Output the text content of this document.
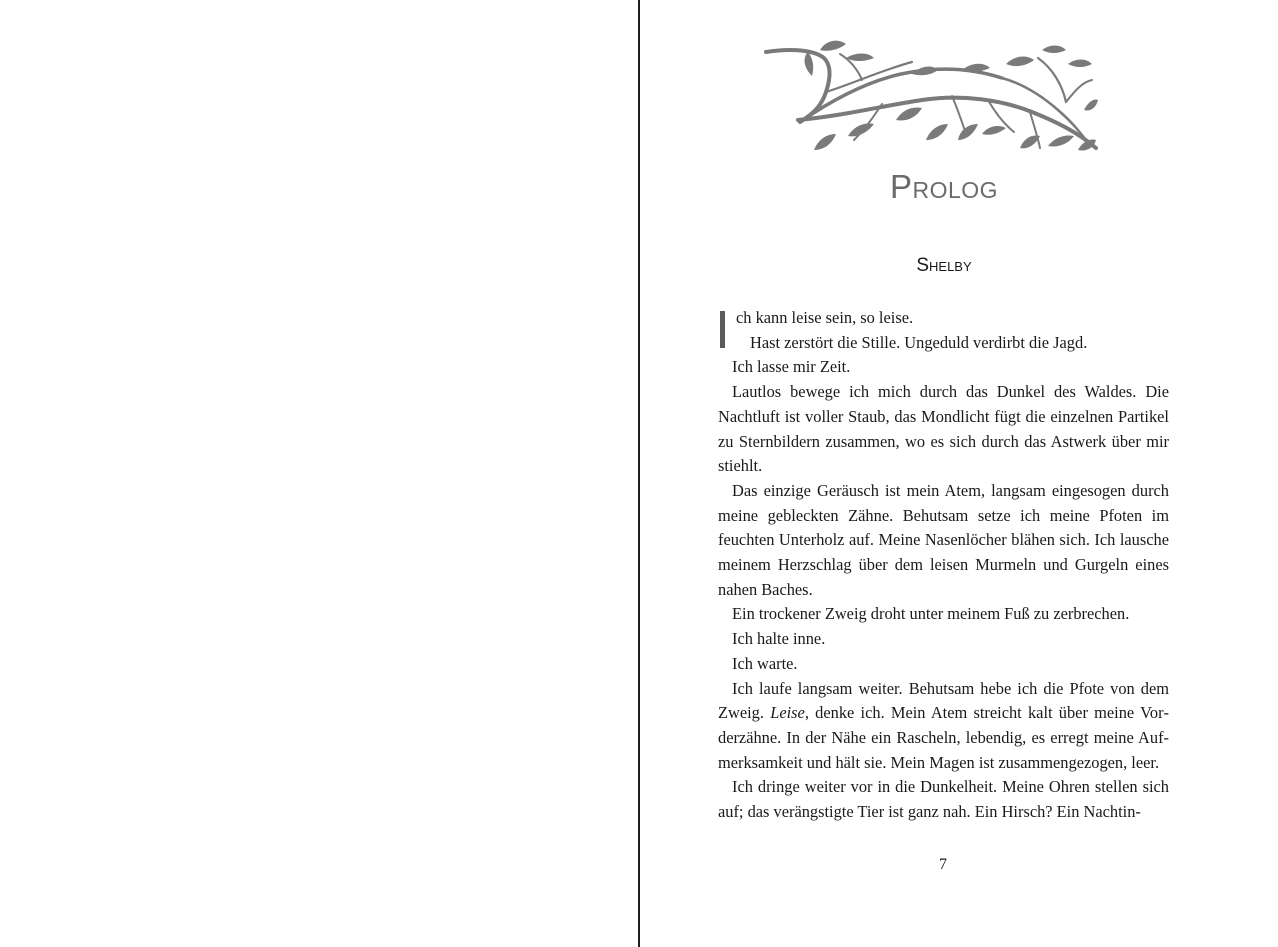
Prolog
Shelby

ch kann leise sein, so leise.

Hast zerstört die Stille. Ungeduld verdirbt die Jagd.

Ich lasse mir Zeit.

Lautlos bewege ich mich durch das Dunkel des Waldes. Die Nachtluft ist voller Staub, das Mondlicht fügt die einzelnen Partikel zu Sternbildern zusammen, wo es sich durch das Astwerk über mir stiehlt.

Das einzige Geräusch ist mein Atem, langsam eingesogen durch meine gebleckten Zähne. Behutsam setze ich meine Pfoten im feuchten Unterholz auf. Meine Nasenlöcher blähen sich. Ich lausche meinem Herzschlag über dem leisen Murmeln und Gurgeln eines nahen Baches.

Ein trockener Zweig droht unter meinem Fuß zu zerbrechen.

Ich halte inne.

Ich warte.

Ich laufe langsam weiter. Behutsam hebe ich die Pfote von dem Zweig. Leise, denke ich. Mein Atem streicht kalt über meine Vorderzähne. In der Nähe ein Rascheln, lebendig, es erregt meine Aufmerksamkeit und hält sie. Mein Magen ist zusammengezogen, leer.

Ich dringe weiter vor in die Dunkelheit. Meine Ohren stellen sich auf; das verängstigte Tier ist ganz nah. Ein Hirsch? Ein Nachtin-

7
